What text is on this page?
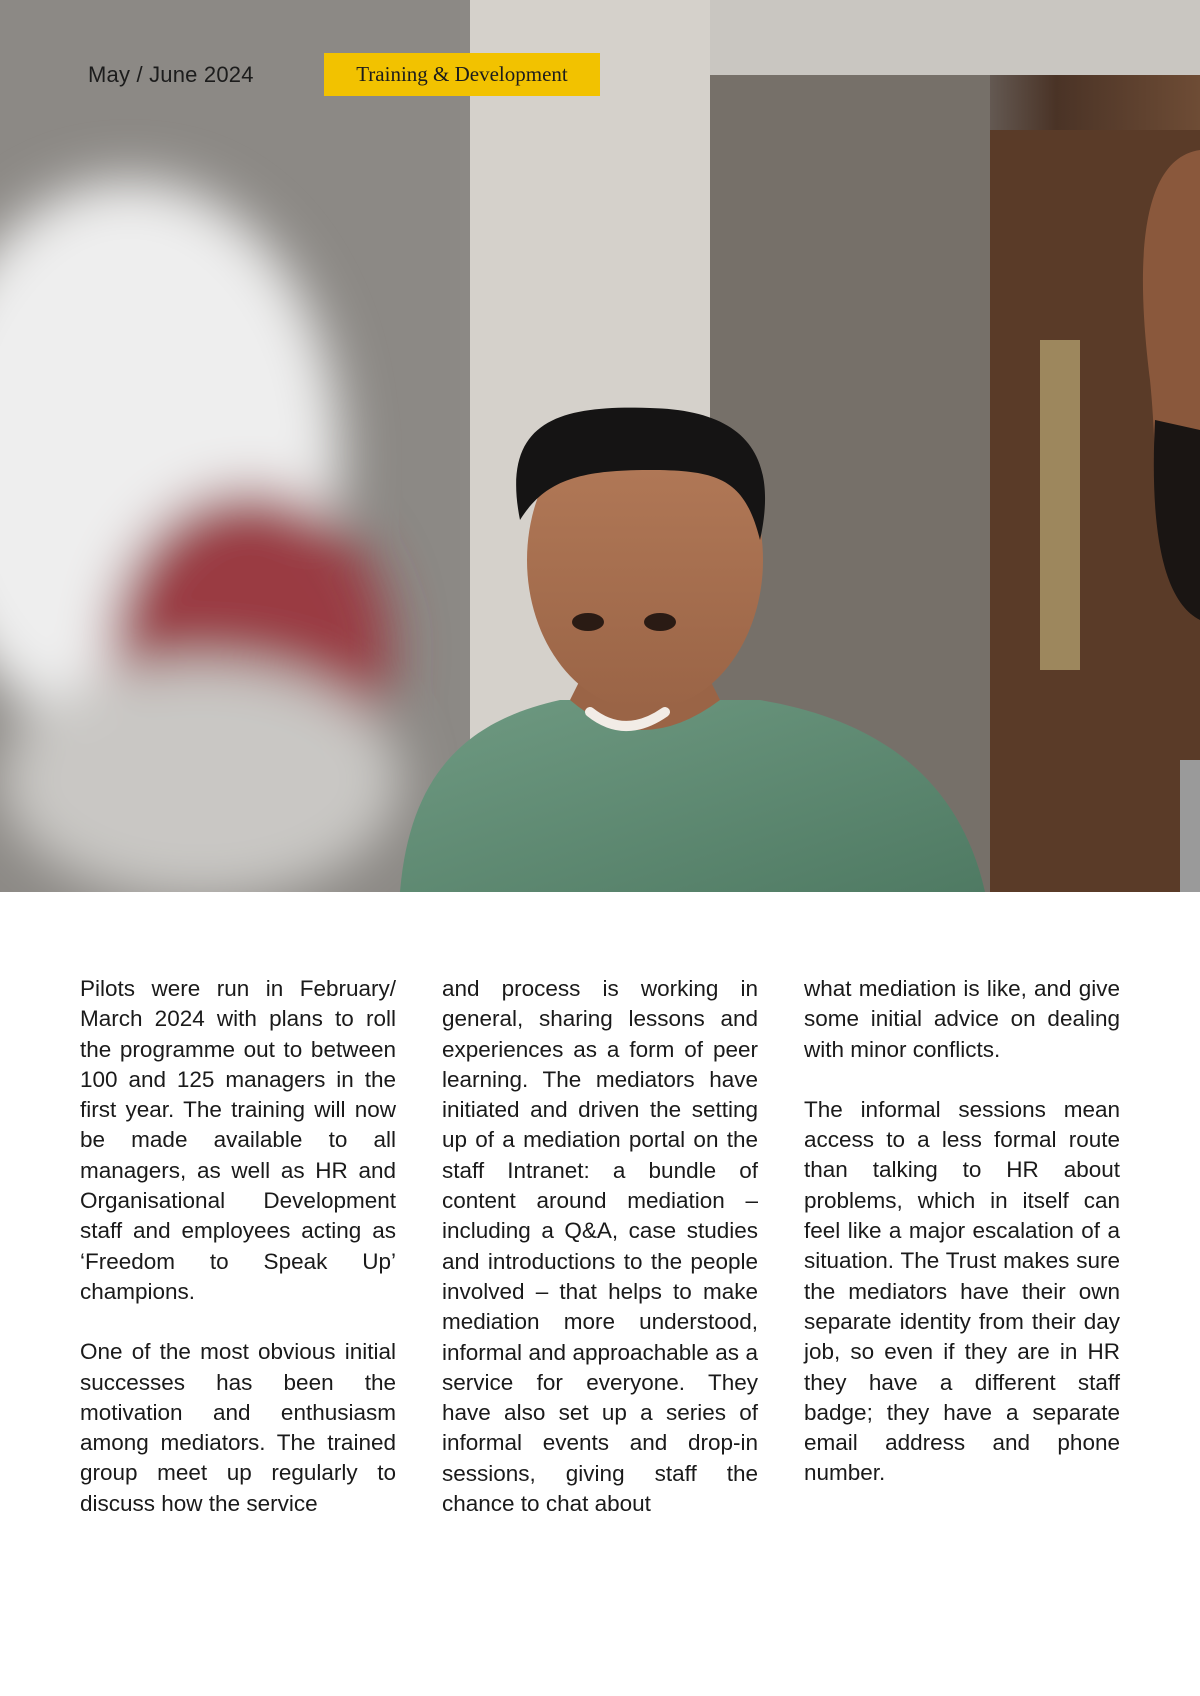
May / June 2024	Training & Development

Pilots were run in February/ March 2024 with plans to roll the programme out to between 100 and 125 managers in the first year. The training will now be made available to all managers, as well as HR and Organisational Development staff and employees acting as ‘Freedom to Speak Up’ champions.

One of the most obvious initial successes has been the motivation and enthusiasm among mediators. The trained group meet up regularly to discuss how the service

and process is working in general, sharing lessons and experiences as a form of peer learning. The mediators have initiated and driven the setting up of a mediation portal on the staff Intranet: a bundle of content around mediation – including a Q&A, case studies and introductions to the people involved – that helps to make mediation more understood, informal and approachable as a service for everyone. They have also set up a series of informal events and drop-in sessions, giving staff the chance to chat about

what mediation is like, and give some initial advice on dealing with minor conflicts.

The informal sessions mean access to a less formal route than talking to HR about problems, which in itself can feel like a major escalation of a situation. The Trust makes sure the mediators have their own separate identity from their day job, so even if they are in HR they have a different staff badge; they have a separate email address and phone number.
